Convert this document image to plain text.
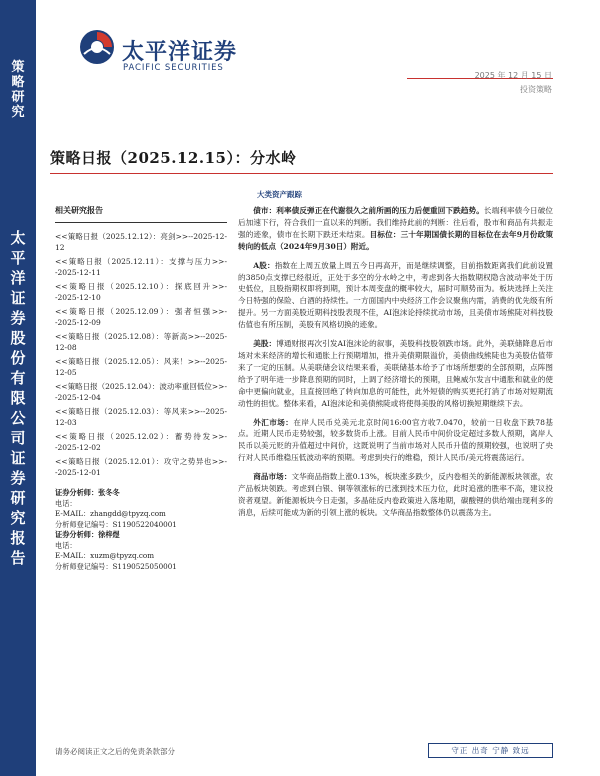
策
略
研
究
太
平
洋
证
券
股
份
有
限
公
司
证
券
研
究
报
告
太平洋证券
PACIFIC SECURITIES
2025 年 12 月 15 日
投资策略
策略日报（2025.12.15）：分水岭
大类资产跟踪
相关研究报告
<<策略日报（2025.12.12）：亮剑>>--2025-12-12
<<策略日报（2025.12.11）：支撑与压力>>--2025-12-11
<<策略日报（2025.12.10）：探底回升>>--2025-12-10
<<策略日报（2025.12.09）：强者恒强>>--2025-12-09
<<策略日报（2025.12.08）：等新高>>--2025-12-08
<<策略日报（2025.12.05）：风来！>>--2025-12-05
<<策略日报（2025.12.04）：波动率重回低位>>--2025-12-04
<<策略日报（2025.12.03）：等风来>>--2025-12-03
<<策略日报（2025.12.02）：蓄势待发>>--2025-12-02
<<策略日报（2025.12.01）：攻守之势异也>>--2025-12-01
证券分析师：张冬冬
电话：
E-MAIL：zhangdd@tpyzq.com
分析师登记编号：S1190522040001
证券分析师：徐梓煜
电话：
E-MAIL：xuzm@tpyzq.com
分析师登记编号：S1190525050001

债市：利率债反弹正在代谢很久之前所画的压力后便重回下跌趋势。长端利率债今日破位后加速下行，符合我们一直以来的判断。我们维持此前的判断：往后看，股市和商品有共振走强的迹象，债市在长期下跌还未结束。目标位：三十年期国债长期的目标位在去年9月份政策转向的低点（2024年9月30日）附近。

A股：指数在上周五放量上周五今日再高开，而是继续调整，目前指数距离我们此前设置的3850点支撑已经很近，正处于多空的分水岭之中，考虑到各大指数期权隐含波动率处于历史低位，且股指期权即将到期，预计本周变盘的概率较大，届时可顺势而为。板块选择上关注今日特强的保险、白酒的持续性。一方面国内中央经济工作会议聚焦内需，消费的优先级有所提升。另一方面美股近期科技股表现不佳，AI泡沫论持续扰动市场，且美债市场熊陡对科技股估值也有所压制，美股有风格切换的迹象。

美股：博通财报再次引发AI泡沫论的叙事，美股科技股领跌市场。此外，美联储降息后市场对未来经济的增长和通胀上行预期增加，推升美债期限溢价，美债曲线熊陡也为美股估值带来了一定的压制。从美联储会议结果来看，美联储基本给予了市场所想要的全部预期，点阵图给予了明年进一步降息预期的同时，上调了经济增长的预期，且鲍威尔发言中通胀和就业的使命中更偏向就业，且直接回绝了转向加息的可能性，此外短债的购买更托打消了市场对短期流动性的担忧。整体来看，AI泡沫论和美债熊陡或将使得美股的风格切换短期继续下去。

外汇市场：在岸人民币兑美元北京时间16:00官方收7.0470，较前一日收盘下跌78基点。近期人民币走势较强，较多数货币上涨。目前人民币中间价设定超过多数人预期，离岸人民币以美元贬的升值超过中间价，这既说明了当前市场对人民币升值的预期较强，也说明了央行对人民币维稳压低波动率的预期。考虑到央行的维稳，预计人民币/美元将震荡运行。

商品市场：文华商品指数上涨0.13%，板块涨多跌少，反内卷相关的新能源板块领涨，农产品板块领跌。考虑到白银、铜等领涨标的已涨到技术压力位，此时追涨的胜率不高，建议投资者观望。新能源板块今日走强，多晶硅反内卷政策进入落地期，碳酸锂的供给端由现利多的消息，后续可能成为新的引领上涨的板块。文华商品指数整体仍以震荡为主。

请务必阅读正文之后的免责条款部分	守正 出奇 宁静 致远
